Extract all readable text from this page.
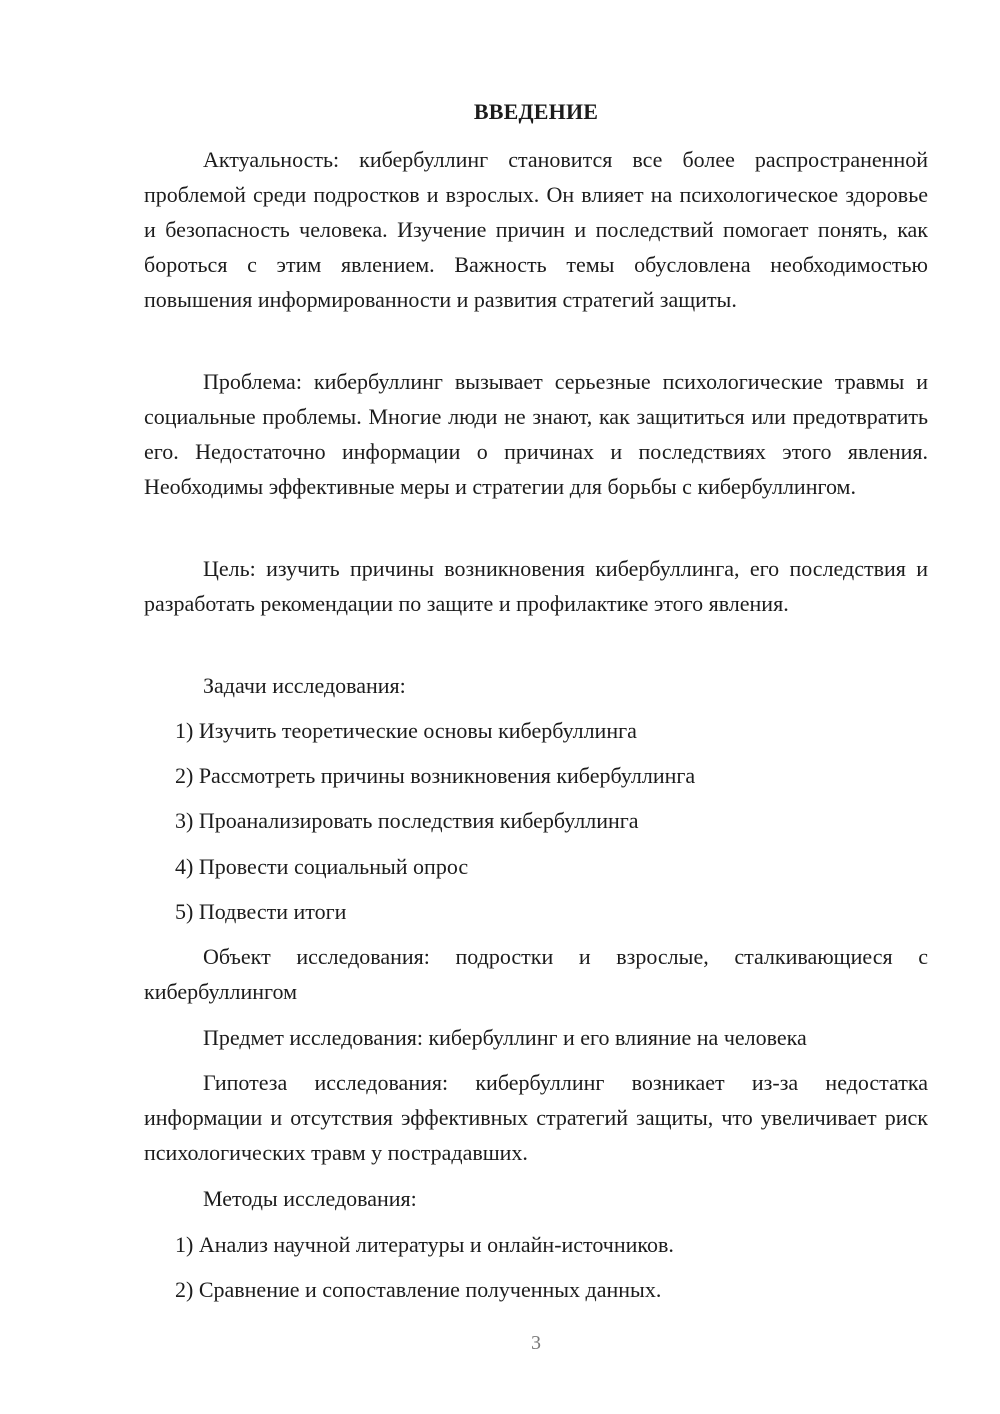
ВВЕДЕНИЕ

Актуальность: кибербуллинг становится все более распространенной проблемой среди подростков и взрослых. Он влияет на психологическое здоровье и безопасность человека. Изучение причин и последствий помогает понять, как бороться с этим явлением. Важность темы обусловлена необходимостью повышения информированности и развития стратегий защиты.

Проблема: кибербуллинг вызывает серьезные психологические травмы и социальные проблемы. Многие люди не знают, как защититься или предотвратить его. Недостаточно информации о причинах и последствиях этого явления. Необходимы эффективные меры и стратегии для борьбы с кибербуллингом.

Цель: изучить причины возникновения кибербуллинга, его последствия и разработать рекомендации по защите и профилактике этого явления.

Задачи исследования:
1) Изучить теоретические основы кибербуллинга
2) Рассмотреть причины возникновения кибербуллинга
3) Проанализировать последствия кибербуллинга
4) Провести социальный опрос
5) Подвести итоги

Объект исследования: подростки и взрослые, сталкивающиеся с кибербуллингом

Предмет исследования: кибербуллинг и его влияние на человека

Гипотеза исследования: кибербуллинг возникает из-за недостатка информации и отсутствия эффективных стратегий защиты, что увеличивает риск психологических травм у пострадавших.

Методы исследования:
1) Анализ научной литературы и онлайн-источников.
2) Сравнение и сопоставление полученных данных.
3
